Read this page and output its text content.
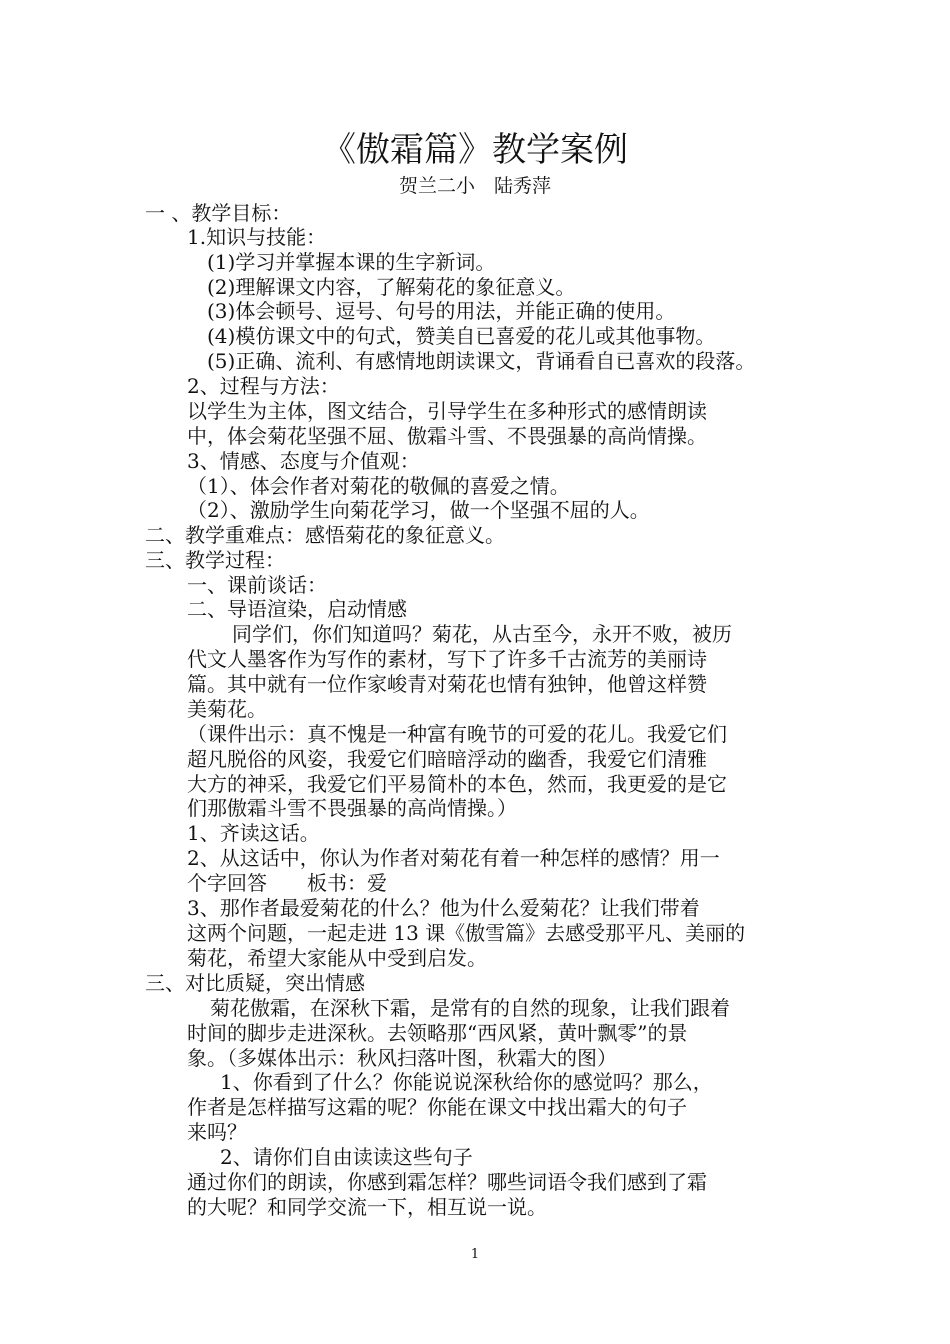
《傲霜篇》教学案例
贺兰二小　陆秀萍
一 、教学目标：
1.知识与技能：
(1)学习并掌握本课的生字新词。
(2)理解课文内容，了解菊花的象征意义。
(3)体会顿号、逗号、句号的用法，并能正确的使用。
(4)模仿课文中的句式，赞美自已喜爱的花儿或其他事物。
(5)正确、流利、有感情地朗读课文，背诵看自已喜欢的段落。
2、过程与方法：
以学生为主体，图文结合，引导学生在多种形式的感情朗读
中，体会菊花坚强不屈、傲霜斗雪、不畏强暴的高尚情操。
3、情感、态度与介值观：
（1）、体会作者对菊花的敬佩的喜爱之情。
（2）、激励学生向菊花学习，做一个坚强不屈的人。
二、教学重难点：感悟菊花的象征意义。
三、教学过程：
一、课前谈话：
二、导语渲染，启动情感
同学们，你们知道吗？菊花，从古至今，永开不败，被历
代文人墨客作为写作的素材，写下了许多千古流芳的美丽诗
篇。其中就有一位作家峻青对菊花也情有独钟，他曾这样赞
美菊花。
（课件出示：真不愧是一种富有晚节的可爱的花儿。我爱它们
超凡脱俗的风姿，我爱它们暗暗浮动的幽香，我爱它们清雅
大方的神采，我爱它们平易简朴的本色，然而，我更爱的是它
们那傲霜斗雪不畏强暴的高尚情操。）
1、齐读这话。
2、从这话中，你认为作者对菊花有着一种怎样的感情？用一
个字回答　　板书：爱
3、那作者最爱菊花的什么？他为什么爱菊花？让我们带着
这两个问题，一起走进 13 课《傲雪篇》去感受那平凡、美丽的
菊花，希望大家能从中受到启发。
三、对比质疑，突出情感
菊花傲霜，在深秋下霜，是常有的自然的现象，让我们跟着
时间的脚步走进深秋。去领略那“西风紧，黄叶飘零”的景
象。（多媒体出示：秋风扫落叶图，秋霜大的图）
1、你看到了什么？你能说说深秋给你的感觉吗？那么，
作者是怎样描写这霜的呢？你能在课文中找出霜大的句子
来吗？
2、请你们自由读读这些句子
通过你们的朗读，你感到霜怎样？哪些词语令我们感到了霜
的大呢？和同学交流一下，相互说一说。
1
